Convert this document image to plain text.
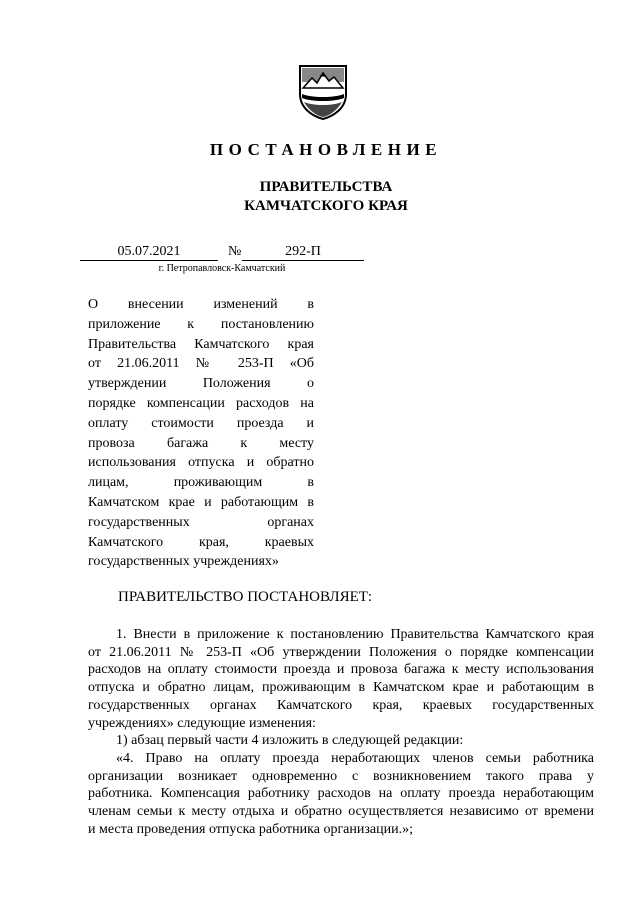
ПОСТАНОВЛЕНИЕ
ПРАВИТЕЛЬСТВА
КАМЧАТСКОГО КРАЯ
05.07.2021	№	292-П
г. Петропавловск-Камчатский
О внесении изменений в
приложение к постановлению
Правительства Камчатского края
от 21.06.2011 № 253-П «Об
утверждении Положения о
порядке компенсации расходов на
оплату стоимости проезда и
провоза багажа к месту
использования отпуска и обратно
лицам, проживающим в
Камчатском крае и работающим в
государственных органах
Камчатского края, краевых
государственных учреждениях»
ПРАВИТЕЛЬСТВО ПОСТАНОВЛЯЕТ:
1. Внести в приложение к постановлению Правительства Камчатского края
от 21.06.2011 № 253-П «Об утверждении Положения о порядке компенсации
расходов на оплату стоимости проезда и провоза багажа к месту использования
отпуска и обратно лицам, проживающим в Камчатском крае и работающим в
государственных органах Камчатского края, краевых государственных
учреждениях» следующие изменения:
1) абзац первый части 4 изложить в следующей редакции:
«4. Право на оплату проезда неработающих членов семьи работника
организации возникает одновременно с возникновением такого права у
работника. Компенсация работнику расходов на оплату проезда неработающим
членам семьи к месту отдыха и обратно осуществляется независимо от времени
и места проведения отпуска работника организации.»;
